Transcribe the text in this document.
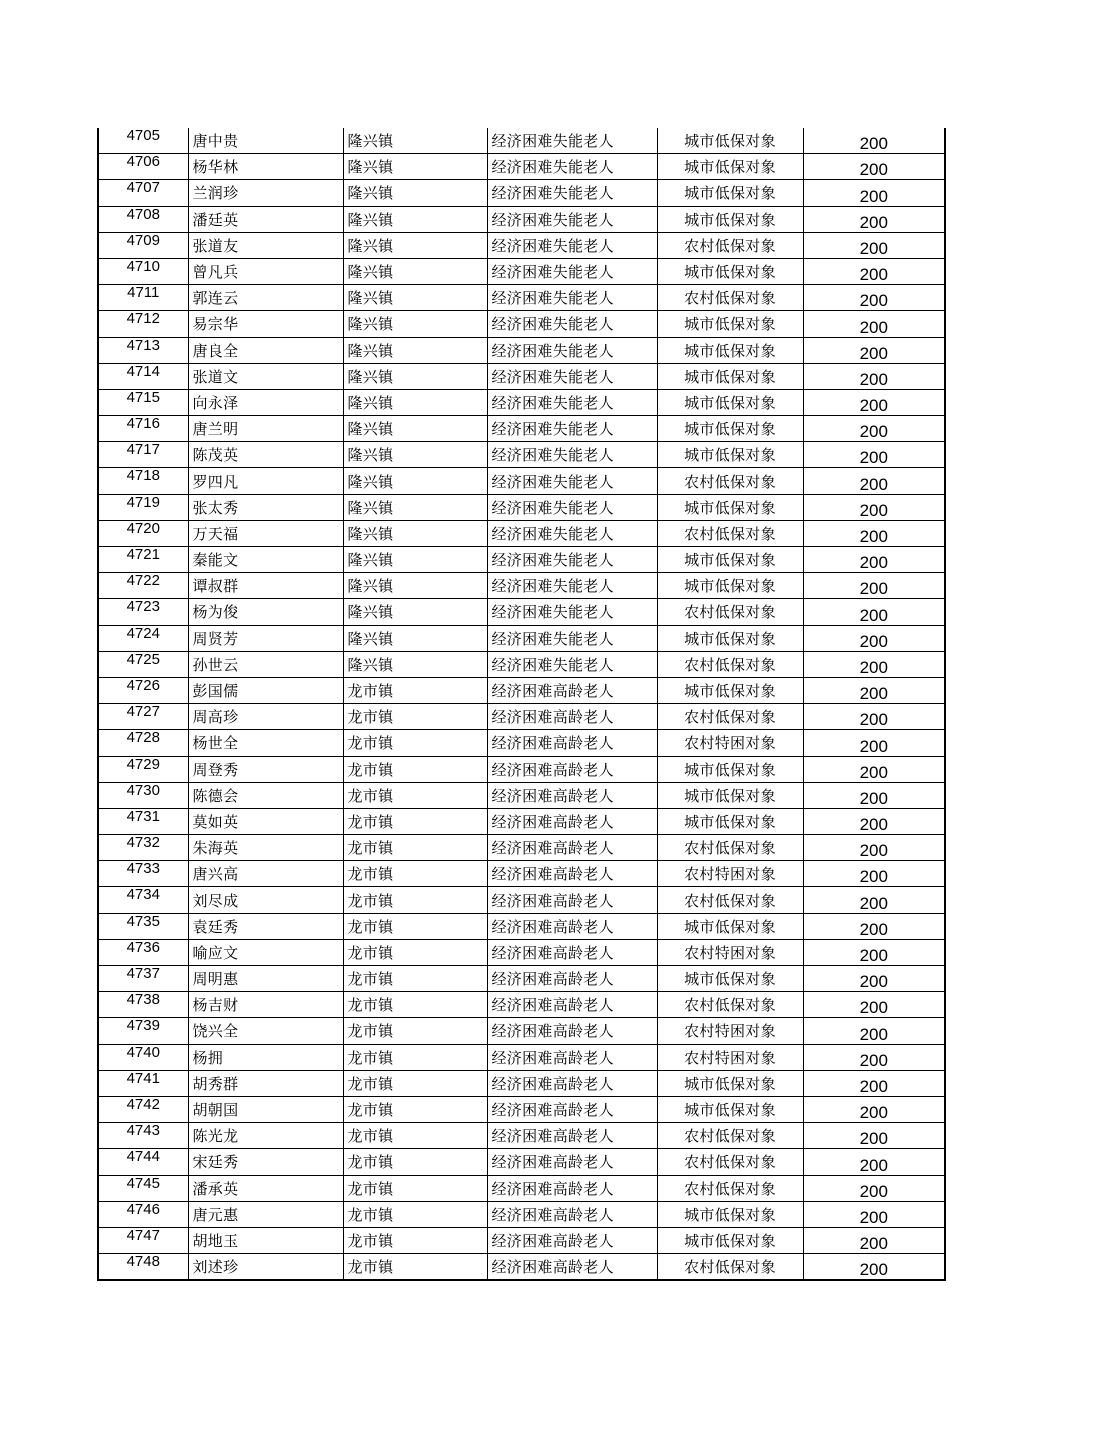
4705	唐中贵	隆兴镇	经济困难失能老人	城市低保对象	200
4706	杨华林	隆兴镇	经济困难失能老人	城市低保对象	200
4707	兰润珍	隆兴镇	经济困难失能老人	城市低保对象	200
4708	潘廷英	隆兴镇	经济困难失能老人	城市低保对象	200
4709	张道友	隆兴镇	经济困难失能老人	农村低保对象	200
4710	曾凡兵	隆兴镇	经济困难失能老人	城市低保对象	200
4711	郭连云	隆兴镇	经济困难失能老人	农村低保对象	200
4712	易宗华	隆兴镇	经济困难失能老人	城市低保对象	200
4713	唐良全	隆兴镇	经济困难失能老人	城市低保对象	200
4714	张道文	隆兴镇	经济困难失能老人	城市低保对象	200
4715	向永泽	隆兴镇	经济困难失能老人	城市低保对象	200
4716	唐兰明	隆兴镇	经济困难失能老人	城市低保对象	200
4717	陈茂英	隆兴镇	经济困难失能老人	城市低保对象	200
4718	罗四凡	隆兴镇	经济困难失能老人	农村低保对象	200
4719	张太秀	隆兴镇	经济困难失能老人	城市低保对象	200
4720	万天福	隆兴镇	经济困难失能老人	农村低保对象	200
4721	秦能文	隆兴镇	经济困难失能老人	城市低保对象	200
4722	谭叔群	隆兴镇	经济困难失能老人	城市低保对象	200
4723	杨为俊	隆兴镇	经济困难失能老人	农村低保对象	200
4724	周贤芳	隆兴镇	经济困难失能老人	城市低保对象	200
4725	孙世云	隆兴镇	经济困难失能老人	农村低保对象	200
4726	彭国儒	龙市镇	经济困难高龄老人	城市低保对象	200
4727	周高珍	龙市镇	经济困难高龄老人	农村低保对象	200
4728	杨世全	龙市镇	经济困难高龄老人	农村特困对象	200
4729	周登秀	龙市镇	经济困难高龄老人	城市低保对象	200
4730	陈德会	龙市镇	经济困难高龄老人	城市低保对象	200
4731	莫如英	龙市镇	经济困难高龄老人	城市低保对象	200
4732	朱海英	龙市镇	经济困难高龄老人	农村低保对象	200
4733	唐兴高	龙市镇	经济困难高龄老人	农村特困对象	200
4734	刘尽成	龙市镇	经济困难高龄老人	农村低保对象	200
4735	袁廷秀	龙市镇	经济困难高龄老人	城市低保对象	200
4736	喻应文	龙市镇	经济困难高龄老人	农村特困对象	200
4737	周明惠	龙市镇	经济困难高龄老人	城市低保对象	200
4738	杨吉财	龙市镇	经济困难高龄老人	农村低保对象	200
4739	饶兴全	龙市镇	经济困难高龄老人	农村特困对象	200
4740	杨拥	龙市镇	经济困难高龄老人	农村特困对象	200
4741	胡秀群	龙市镇	经济困难高龄老人	城市低保对象	200
4742	胡朝国	龙市镇	经济困难高龄老人	城市低保对象	200
4743	陈光龙	龙市镇	经济困难高龄老人	农村低保对象	200
4744	宋廷秀	龙市镇	经济困难高龄老人	农村低保对象	200
4745	潘承英	龙市镇	经济困难高龄老人	农村低保对象	200
4746	唐元惠	龙市镇	经济困难高龄老人	城市低保对象	200
4747	胡地玉	龙市镇	经济困难高龄老人	城市低保对象	200
4748	刘述珍	龙市镇	经济困难高龄老人	农村低保对象	200
